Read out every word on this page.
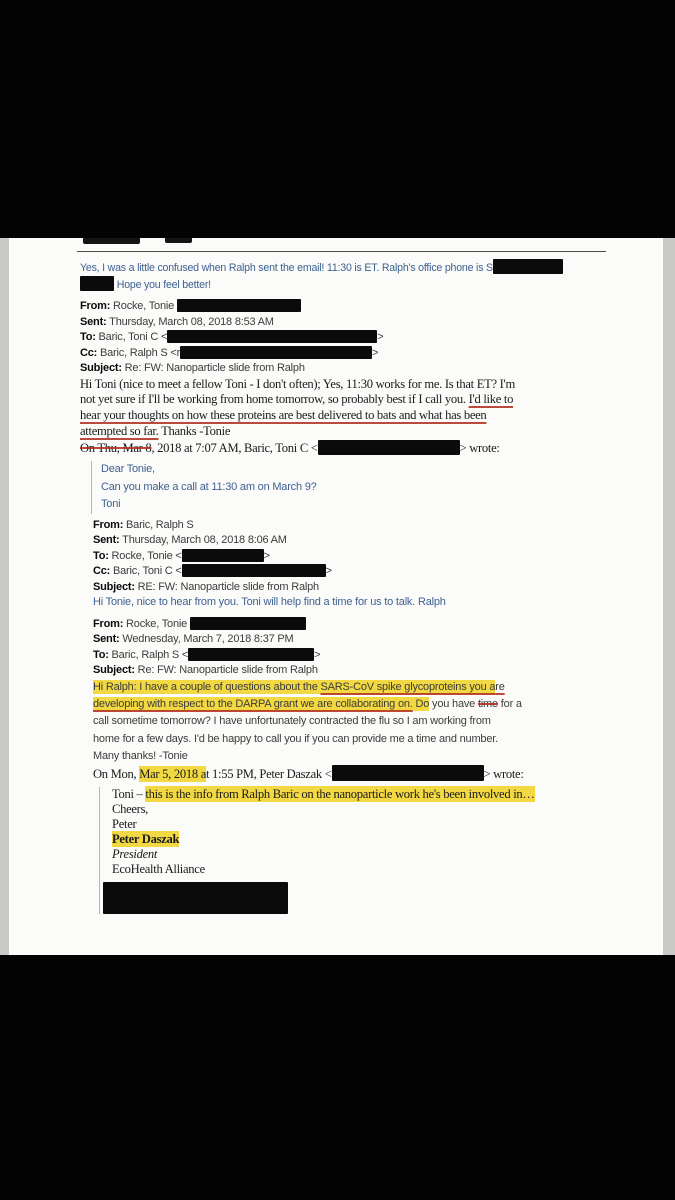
Yes, I was a little confused when Ralph sent the email! 11:30 is ET. Ralph's office phone is S
Hope you feel better!
From: Rocke, Tonie
Sent: Thursday, March 08, 2018 8:53 AM
To: Baric, Toni C <	>
Cc: Baric, Ralph S <r	>
Subject: Re: FW: Nanoparticle slide from Ralph
Hi Toni (nice to meet a fellow Toni - I don't often); Yes, 11:30 works for me. Is that ET? I'm
not yet sure if I'll be working from home tomorrow, so probably best if I call you. I'd like to
hear your thoughts on how these proteins are best delivered to bats and what has been
attempted so far. Thanks -Tonie
On Thu, Mar 8, 2018 at 7:07 AM, Baric, Toni C <	> wrote:
Dear Tonie,
Can you make a call at 11:30 am on March 9?
Toni
From: Baric, Ralph S
Sent: Thursday, March 08, 2018 8:06 AM
To: Rocke, Tonie <	>
Cc: Baric, Toni C <	>
Subject: RE: FW: Nanoparticle slide from Ralph
Hi Tonie, nice to hear from you. Toni will help find a time for us to talk. Ralph
From: Rocke, Tonie
Sent: Wednesday, March 7, 2018 8:37 PM
To: Baric, Ralph S <	>
Subject: Re: FW: Nanoparticle slide from Ralph
Hi Ralph: I have a couple of questions about the SARS-CoV spike glycoproteins you are
developing with respect to the DARPA grant we are collaborating on. Do you have time for a
call sometime tomorrow? I have unfortunately contracted the flu so I am working from
home for a few days. I'd be happy to call you if you can provide me a time and number.
Many thanks! -Tonie
On Mon, Mar 5, 2018 at 1:55 PM, Peter Daszak <	> wrote:
Toni – this is the info from Ralph Baric on the nanoparticle work he's been involved in…
Cheers,
Peter
Peter Daszak
President
EcoHealth Alliance
